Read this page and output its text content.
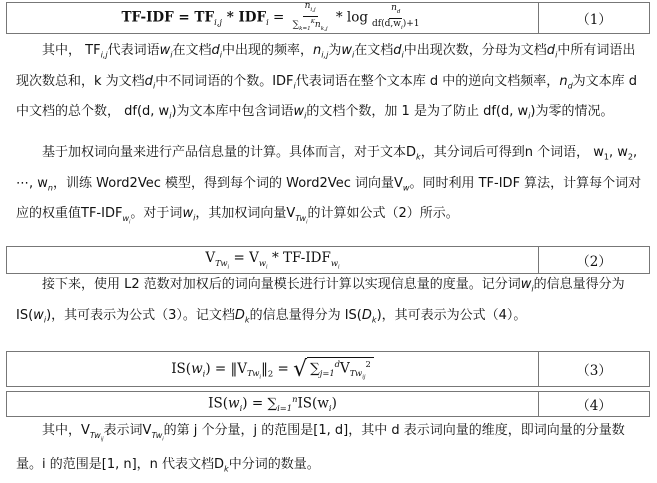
$TF-IDF = TF_{i,j} * IDF_i = \frac{n_{i,j}}{\sum_{k=1}^Kn_{k,j}} * \log \frac{n_d}{df(d,w_i)+1}$	（1）
其中， $TF_{i,j}$代表词语$w_i$在文档$d_i$中出现的频率，$n_{i,j}$为$w_i$在文档$d_i$中出现次数，分母为文档$d_i$中所有词语出现次数总和，k 为文档$d_i$中不同词语的个数。$IDF_i$代表词语在整个文本库 d 中的逆向文档频率，$n_d$为文本库 d 中文档的总个数， df(d, $w_i$)为文本库中包含词语$w_i$的文档个数，加 1 是为了防止 df(d, $w_i$)为零的情况。
基于加权词向量来进行产品信息量的计算。具体而言，对于文本$D_k$，其分词后可得到n 个词语， $w_1$, $w_2$, ⋯, $w_n$，训练 Word2Vec 模型，得到每个词的 Word2Vec 词向量$V_w$。同时利用 TF-IDF 算法，计算每个词对应的权重值$TF-IDF_{w_i}$。对于词$w_i$，其加权词向量$V_{Tw_i}$的计算如公式（2）所示。
$V_{Tw_i} = V_{w_i} * TF-IDF_{w_i}$	（2）
接下来，使用 L2 范数对加权后的词向量模长进行计算以实现信息量的度量。记分词$w_i$的信息量得分为 $IS(w_i)$，其可表示为公式（3）。记文档$D_k$的信息量得分为 $IS(D_k)$，其可表示为公式（4）。
$IS(w_i)$ = $‖V_{Tw_i}‖_2$ = √ $\sum_{j=1}^dV_{Tw_{ij}}^2$	（3）
$IS(w_i) = \sum_{i=1}^nIS(w_i)$	（4）
其中，$V_{Tw_{ij}}$表示词$V_{Tw_i}$的第 j 个分量，j 的范围是[1, d]，其中 d 表示词向量的维度，即词向量的分量数量。i 的范围是[1, n]，n 代表文档$D_k$中分词的数量。
